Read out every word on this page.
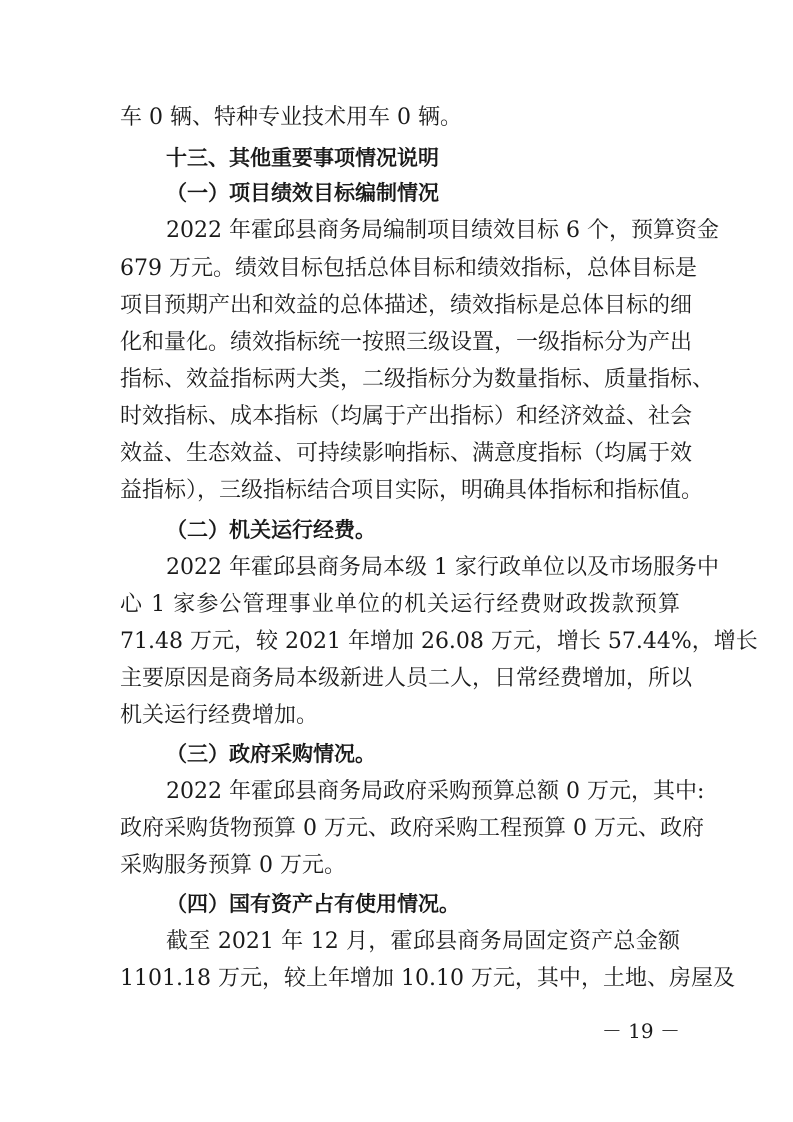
车 0 辆、特种专业技术用车 0 辆。
十三、其他重要事项情况说明
（一）项目绩效目标编制情况
2022 年霍邱县商务局编制项目绩效目标 6 个，预算资金
679 万元。绩效目标包括总体目标和绩效指标，总体目标是
项目预期产出和效益的总体描述，绩效指标是总体目标的细
化和量化。绩效指标统一按照三级设置，一级指标分为产出
指标、效益指标两大类，二级指标分为数量指标、质量指标、
时效指标、成本指标（均属于产出指标）和经济效益、社会
效益、生态效益、可持续影响指标、满意度指标（均属于效
益指标），三级指标结合项目实际，明确具体指标和指标值。
（二）机关运行经费。
2022 年霍邱县商务局本级 1 家行政单位以及市场服务中
心 1 家参公管理事业单位的机关运行经费财政拨款预算
71.48 万元，较 2021 年增加 26.08 万元，增长 57.44%，增长
主要原因是商务局本级新进人员二人，日常经费增加，所以
机关运行经费增加。
（三）政府采购情况。
2022 年霍邱县商务局政府采购预算总额 0 万元，其中:
政府采购货物预算 0 万元、政府采购工程预算 0 万元、政府
采购服务预算 0 万元。
（四）国有资产占有使用情况。
截至 2021 年 12 月，霍邱县商务局固定资产总金额
1101.18 万元，较上年增加 10.10 万元，其中，土地、房屋及
－ 19 －
